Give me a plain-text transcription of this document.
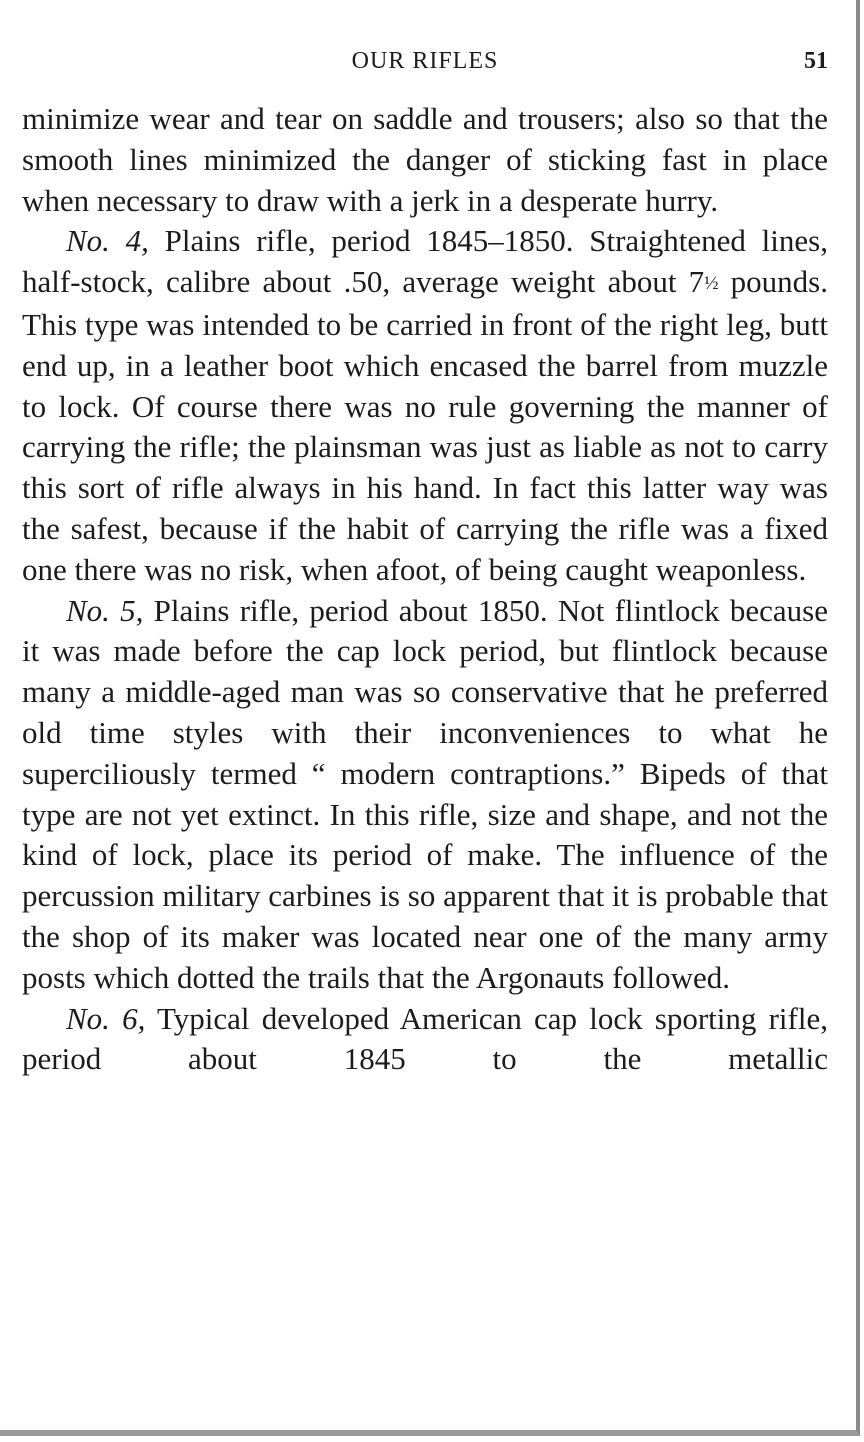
OUR RIFLES	51

minimize wear and tear on saddle and trousers; also so that the smooth lines minimized the danger of sticking fast in place when necessary to draw with a jerk in a desperate hurry.

No. 4, Plains rifle, period 1845–1850. Straightened lines, half-stock, calibre about .50, average weight about 7½ pounds. This type was intended to be carried in front of the right leg, butt end up, in a leather boot which encased the barrel from muzzle to lock. Of course there was no rule governing the manner of carrying the rifle; the plainsman was just as liable as not to carry this sort of rifle always in his hand. In fact this latter way was the safest, because if the habit of carrying the rifle was a fixed one there was no risk, when afoot, of being caught weaponless.

No. 5, Plains rifle, period about 1850. Not flintlock because it was made before the cap lock period, but flintlock because many a middle-aged man was so conservative that he preferred old time styles with their inconveniences to what he superciliously termed “ modern contraptions.” Bipeds of that type are not yet extinct. In this rifle, size and shape, and not the kind of lock, place its period of make. The influence of the percussion military carbines is so apparent that it is probable that the shop of its maker was located near one of the many army posts which dotted the trails that the Argonauts followed.

No. 6, Typical developed American cap lock sporting rifle, period about 1845 to the metallic
